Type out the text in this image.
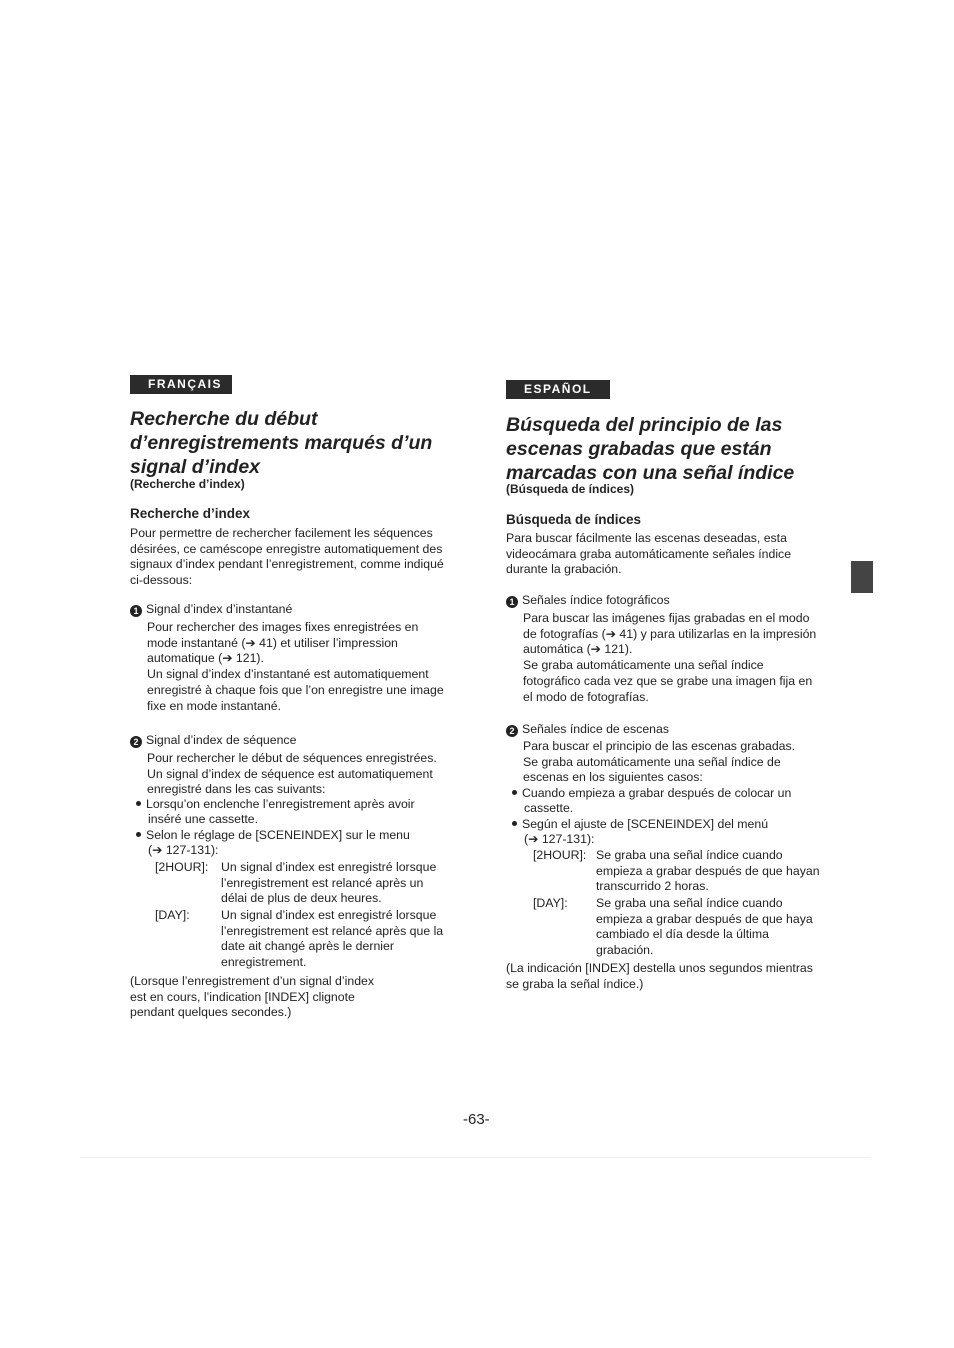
FRANÇAIS
Recherche du début d’enregistrements marqués d’un signal d’index
(Recherche d’index)
Recherche d’index
Pour permettre de rechercher facilement les séquences
désirées, ce caméscope enregistre automatiquement des
signaux d’index pendant l’enregistrement, comme indiqué
ci-dessous:
1 Signal d’index d’instantané
Pour rechercher des images fixes enregistrées en
mode instantané (➔ 41) et utiliser l’impression
automatique (➔ 121).
Un signal d’index d’instantané est automatiquement
enregistré à chaque fois que l’on enregistre une image
fixe en mode instantané.
2 Signal d’index de séquence
Pour rechercher le début de séquences enregistrées.
Un signal d’index de séquence est automatiquement
enregistré dans les cas suivants:
Lorsqu’on enclenche l’enregistrement après avoir
inséré une cassette.
Selon le réglage de [SCENEINDEX] sur le menu
(➔ 127-131):
[2HOUR]: Un signal d’index est enregistré lorsque
l’enregistrement est relancé après un
délai de plus de deux heures.
[DAY]:	Un signal d’index est enregistré lorsque
l’enregistrement est relancé après que la
date ait changé après le dernier
enregistrement.
(Lorsque l’enregistrement d’un signal d’index
est en cours, l’indication [INDEX] clignote
pendant quelques secondes.)
ESPAÑOL
Búsqueda del principio de las escenas grabadas que están marcadas con una señal índice
(Búsqueda de índices)
Búsqueda de índices
Para buscar fácilmente las escenas deseadas, esta
videocámara graba automáticamente señales índice
durante la grabación.
1 Señales índice fotográficos
Para buscar las imágenes fijas grabadas en el modo
de fotografías (➔ 41) y para utilizarlas en la impresión
automática (➔ 121).
Se graba automáticamente una señal índice
fotográfico cada vez que se grabe una imagen fija en
el modo de fotografías.
2 Señales índice de escenas
Para buscar el principio de las escenas grabadas.
Se graba automáticamente una señal índice de
escenas en los siguientes casos:
Cuando empieza a grabar después de colocar un
cassette.
Según el ajuste de [SCENEINDEX] del menú
(➔ 127-131):
[2HOUR]: Se graba una señal índice cuando
empieza a grabar después de que hayan
transcurrido 2 horas.
[DAY]: Se graba una señal índice cuando
empieza a grabar después de que haya
cambiado el día desde la última
grabación.
(La indicación [INDEX] destella unos segundos mientras
se graba la señal índice.)
-63-
